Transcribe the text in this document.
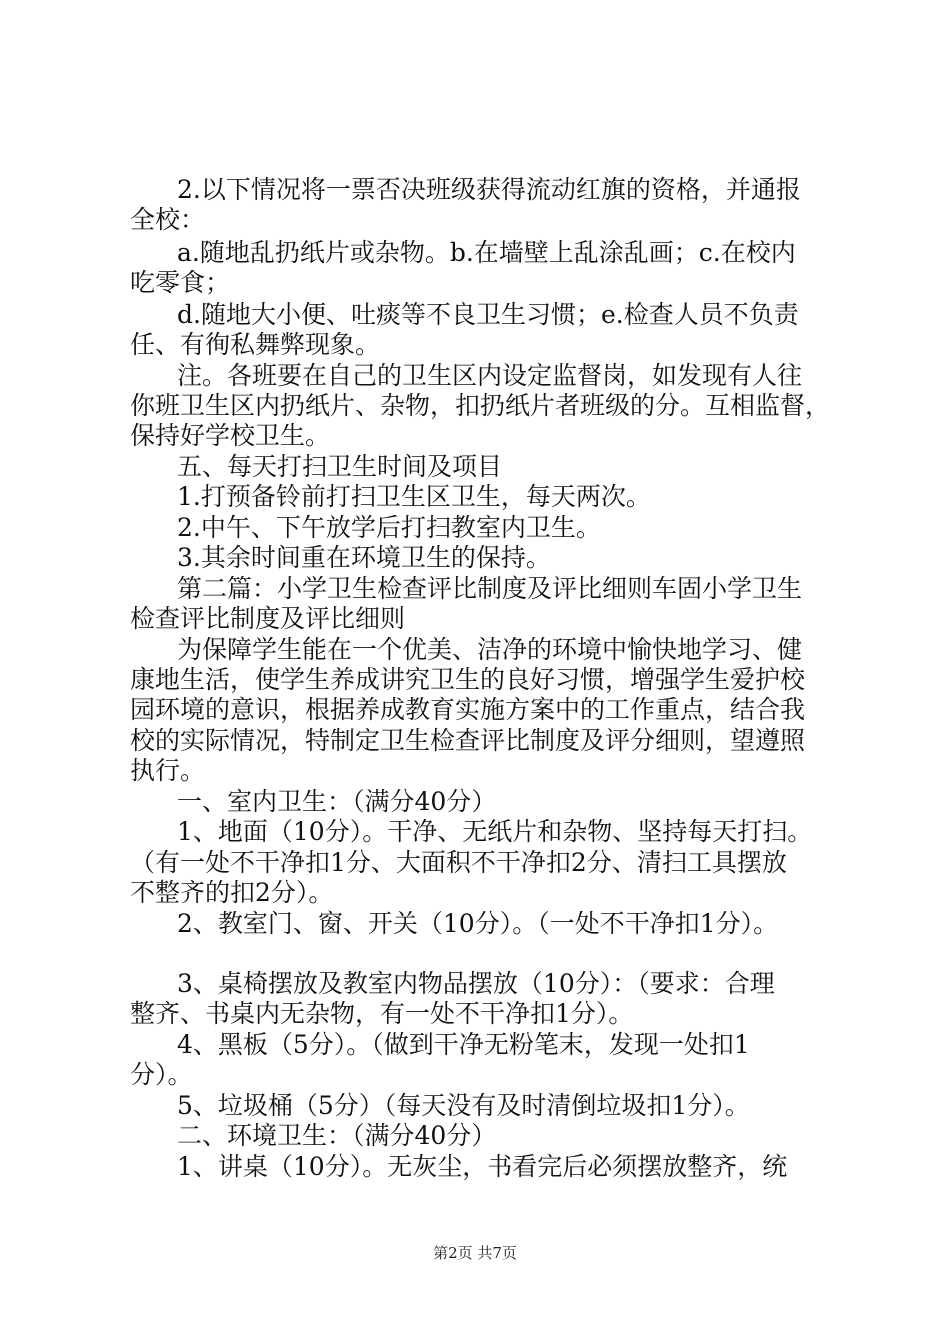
2.以下情况将一票否决班级获得流动红旗的资格，并通报
全校：
a.随地乱扔纸片或杂物。b.在墙壁上乱涂乱画；c.在校内
吃零食；
d.随地大小便、吐痰等不良卫生习惯；e.检查人员不负责
任、有徇私舞弊现象。
注。各班要在自己的卫生区内设定监督岗，如发现有人往
你班卫生区内扔纸片、杂物，扣扔纸片者班级的分。互相监督，
保持好学校卫生。
五、每天打扫卫生时间及项目
1.打预备铃前打扫卫生区卫生，每天两次。
2.中午、下午放学后打扫教室内卫生。
3.其余时间重在环境卫生的保持。
第二篇：小学卫生检查评比制度及评比细则车固小学卫生
检查评比制度及评比细则
为保障学生能在一个优美、洁净的环境中愉快地学习、健
康地生活，使学生养成讲究卫生的良好习惯，增强学生爱护校
园环境的意识，根据养成教育实施方案中的工作重点，结合我
校的实际情况，特制定卫生检查评比制度及评分细则，望遵照
执行。
一、室内卫生：（满分40分）
1、地面（10分）。干净、无纸片和杂物、坚持每天打扫。
（有一处不干净扣1分、大面积不干净扣2分、清扫工具摆放
不整齐的扣2分）。
2、教室门、窗、开关（10分）。（一处不干净扣1分）。
3、桌椅摆放及教室内物品摆放（10分）：（要求：合理
整齐、书桌内无杂物，有一处不干净扣1分）。
4、黑板（5分）。（做到干净无粉笔末，发现一处扣1
分）。
5、垃圾桶（5分）（每天没有及时清倒垃圾扣1分）。
二、环境卫生：（满分40分）
1、讲桌（10分）。无灰尘，书看完后必须摆放整齐，统
第2页 共7页
